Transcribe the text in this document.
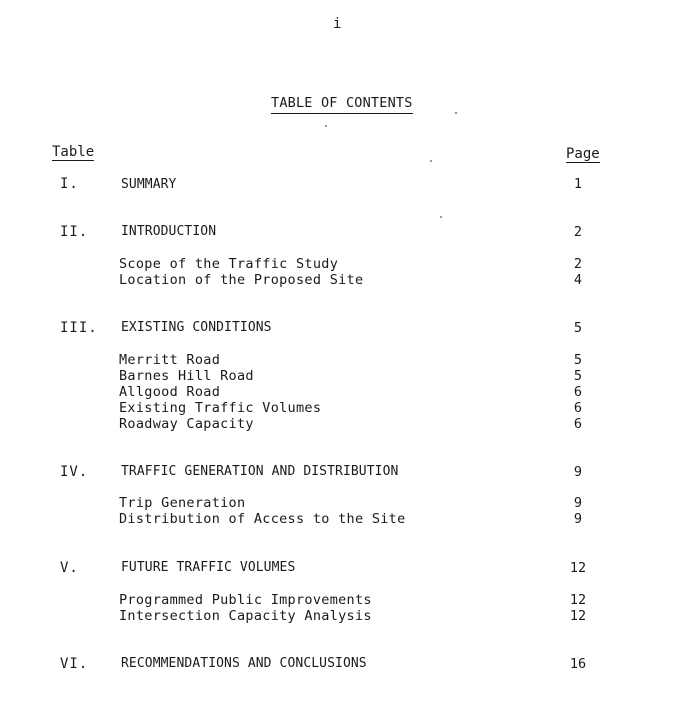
i
TABLE OF CONTENTS
Table	Page
I.	SUMMARY	1
II.	INTRODUCTION	2
Scope of the Traffic Study	2
Location of the Proposed Site	4
III. EXISTING CONDITIONS	5
Merritt Road	5
Barnes Hill Road	5
Allgood Road	6
Existing Traffic Volumes	6
Roadway Capacity	6
IV.	TRAFFIC GENERATION AND DISTRIBUTION	9
Trip Generation	9
Distribution of Access to the Site	9
V.	FUTURE TRAFFIC VOLUMES	12
Programmed Public Improvements	12
Intersection Capacity Analysis	12
VI.	RECOMMENDATIONS AND CONCLUSIONS	16
